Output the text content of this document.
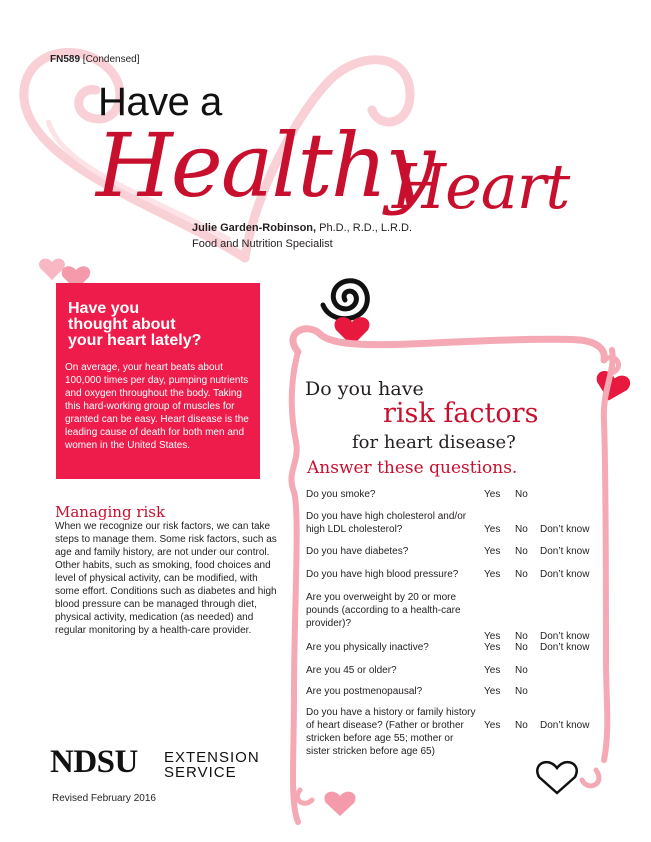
FN589 [Condensed]
Have a
Healthy
Heart
Julie Garden-Robinson, Ph.D., R.D., L.R.D.
Food and Nutrition Specialist
Have you
thought about
your heart lately?

On average, your heart beats about 100,000 times per day, pumping nutrients and oxygen throughout the body. Taking this hard-working group of muscles for granted can be easy. Heart disease is the leading cause of death for both men and women in the United States.

Managing risk
When we recognize our risk factors, we can take steps to manage them. Some risk factors, such as age and family history, are not under our control. Other habits, such as smoking, food choices and level of physical activity, can be modified, with some effort. Conditions such as diabetes and high blood pressure can be managed through diet, physical activity, medication (as needed) and regular monitoring by a health-care provider.
Do you have
risk factors
for heart disease?
Answer these questions.
Do you smoke?	Yes No
Do you have high cholesterol and/or high LDL cholesterol?	Yes No Don’t know
Do you have diabetes?	Yes No Don’t know
Do you have high blood pressure?	Yes No Don’t know
Are you overweight by 20 or more pounds (according to a health-care provider)?
Yes No Don’t know
Are you physically inactive?	Yes No Don’t know
Are you 45 or older?	Yes No
Are you postmenopausal?	Yes No
Do you have a history or family history of heart disease? (Father or brother stricken before age 55; mother or sister stricken before age 65)
Yes No Don’t know
NDSU EXTENSION
SERVICE
Revised February 2016
